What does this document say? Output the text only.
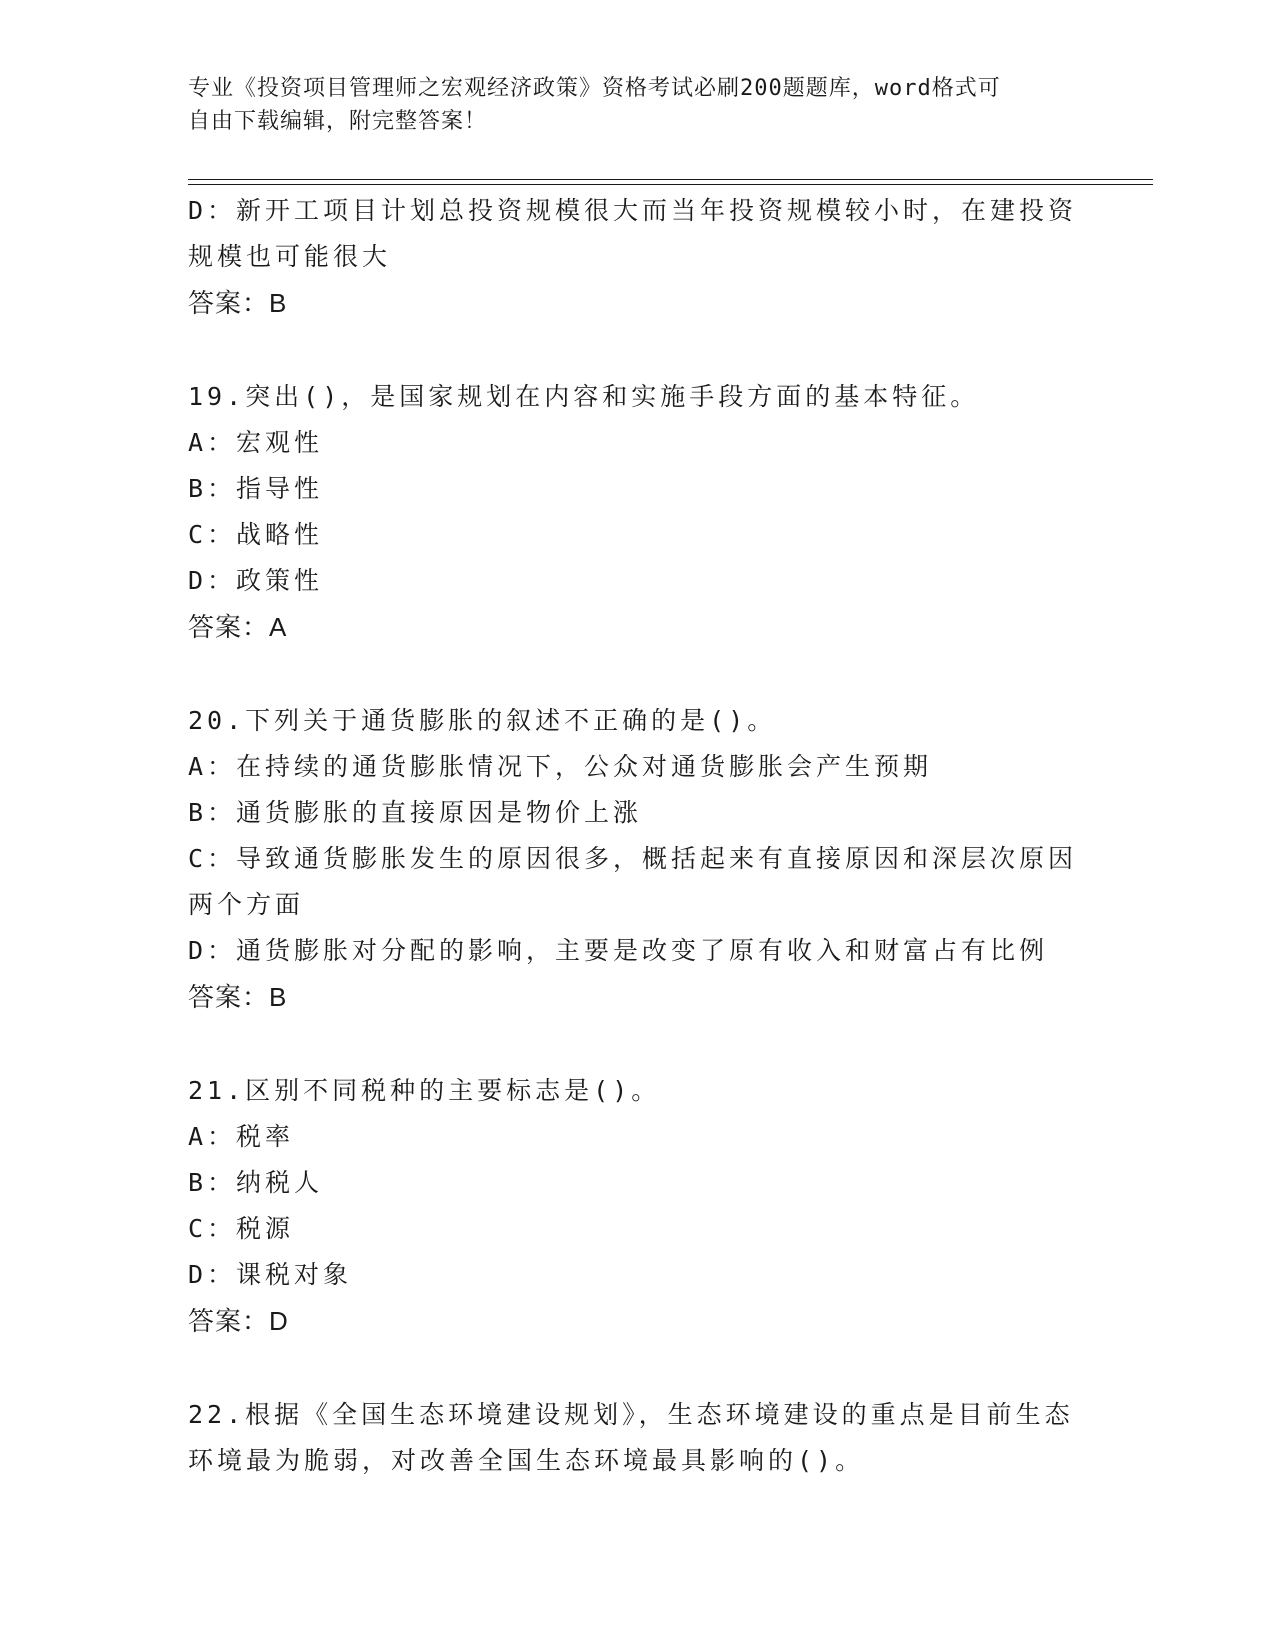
专业《投资项目管理师之宏观经济政策》资格考试必刷200题题库，word格式可
自由下载编辑，附完整答案！
D：新开工项目计划总投资规模很大而当年投资规模较小时，在建投资
规模也可能很大
答案：B
19.突出()，是国家规划在内容和实施手段方面的基本特征。
A：宏观性
B：指导性
C：战略性
D：政策性
答案：A
20.下列关于通货膨胀的叙述不正确的是()。
A：在持续的通货膨胀情况下，公众对通货膨胀会产生预期
B：通货膨胀的直接原因是物价上涨
C：导致通货膨胀发生的原因很多，概括起来有直接原因和深层次原因
两个方面
D：通货膨胀对分配的影响，主要是改变了原有收入和财富占有比例
答案：B
21.区别不同税种的主要标志是()。
A：税率
B：纳税人
C：税源
D：课税对象
答案：D
22.根据《全国生态环境建设规划》，生态环境建设的重点是目前生态
环境最为脆弱，对改善全国生态环境最具影响的()。
